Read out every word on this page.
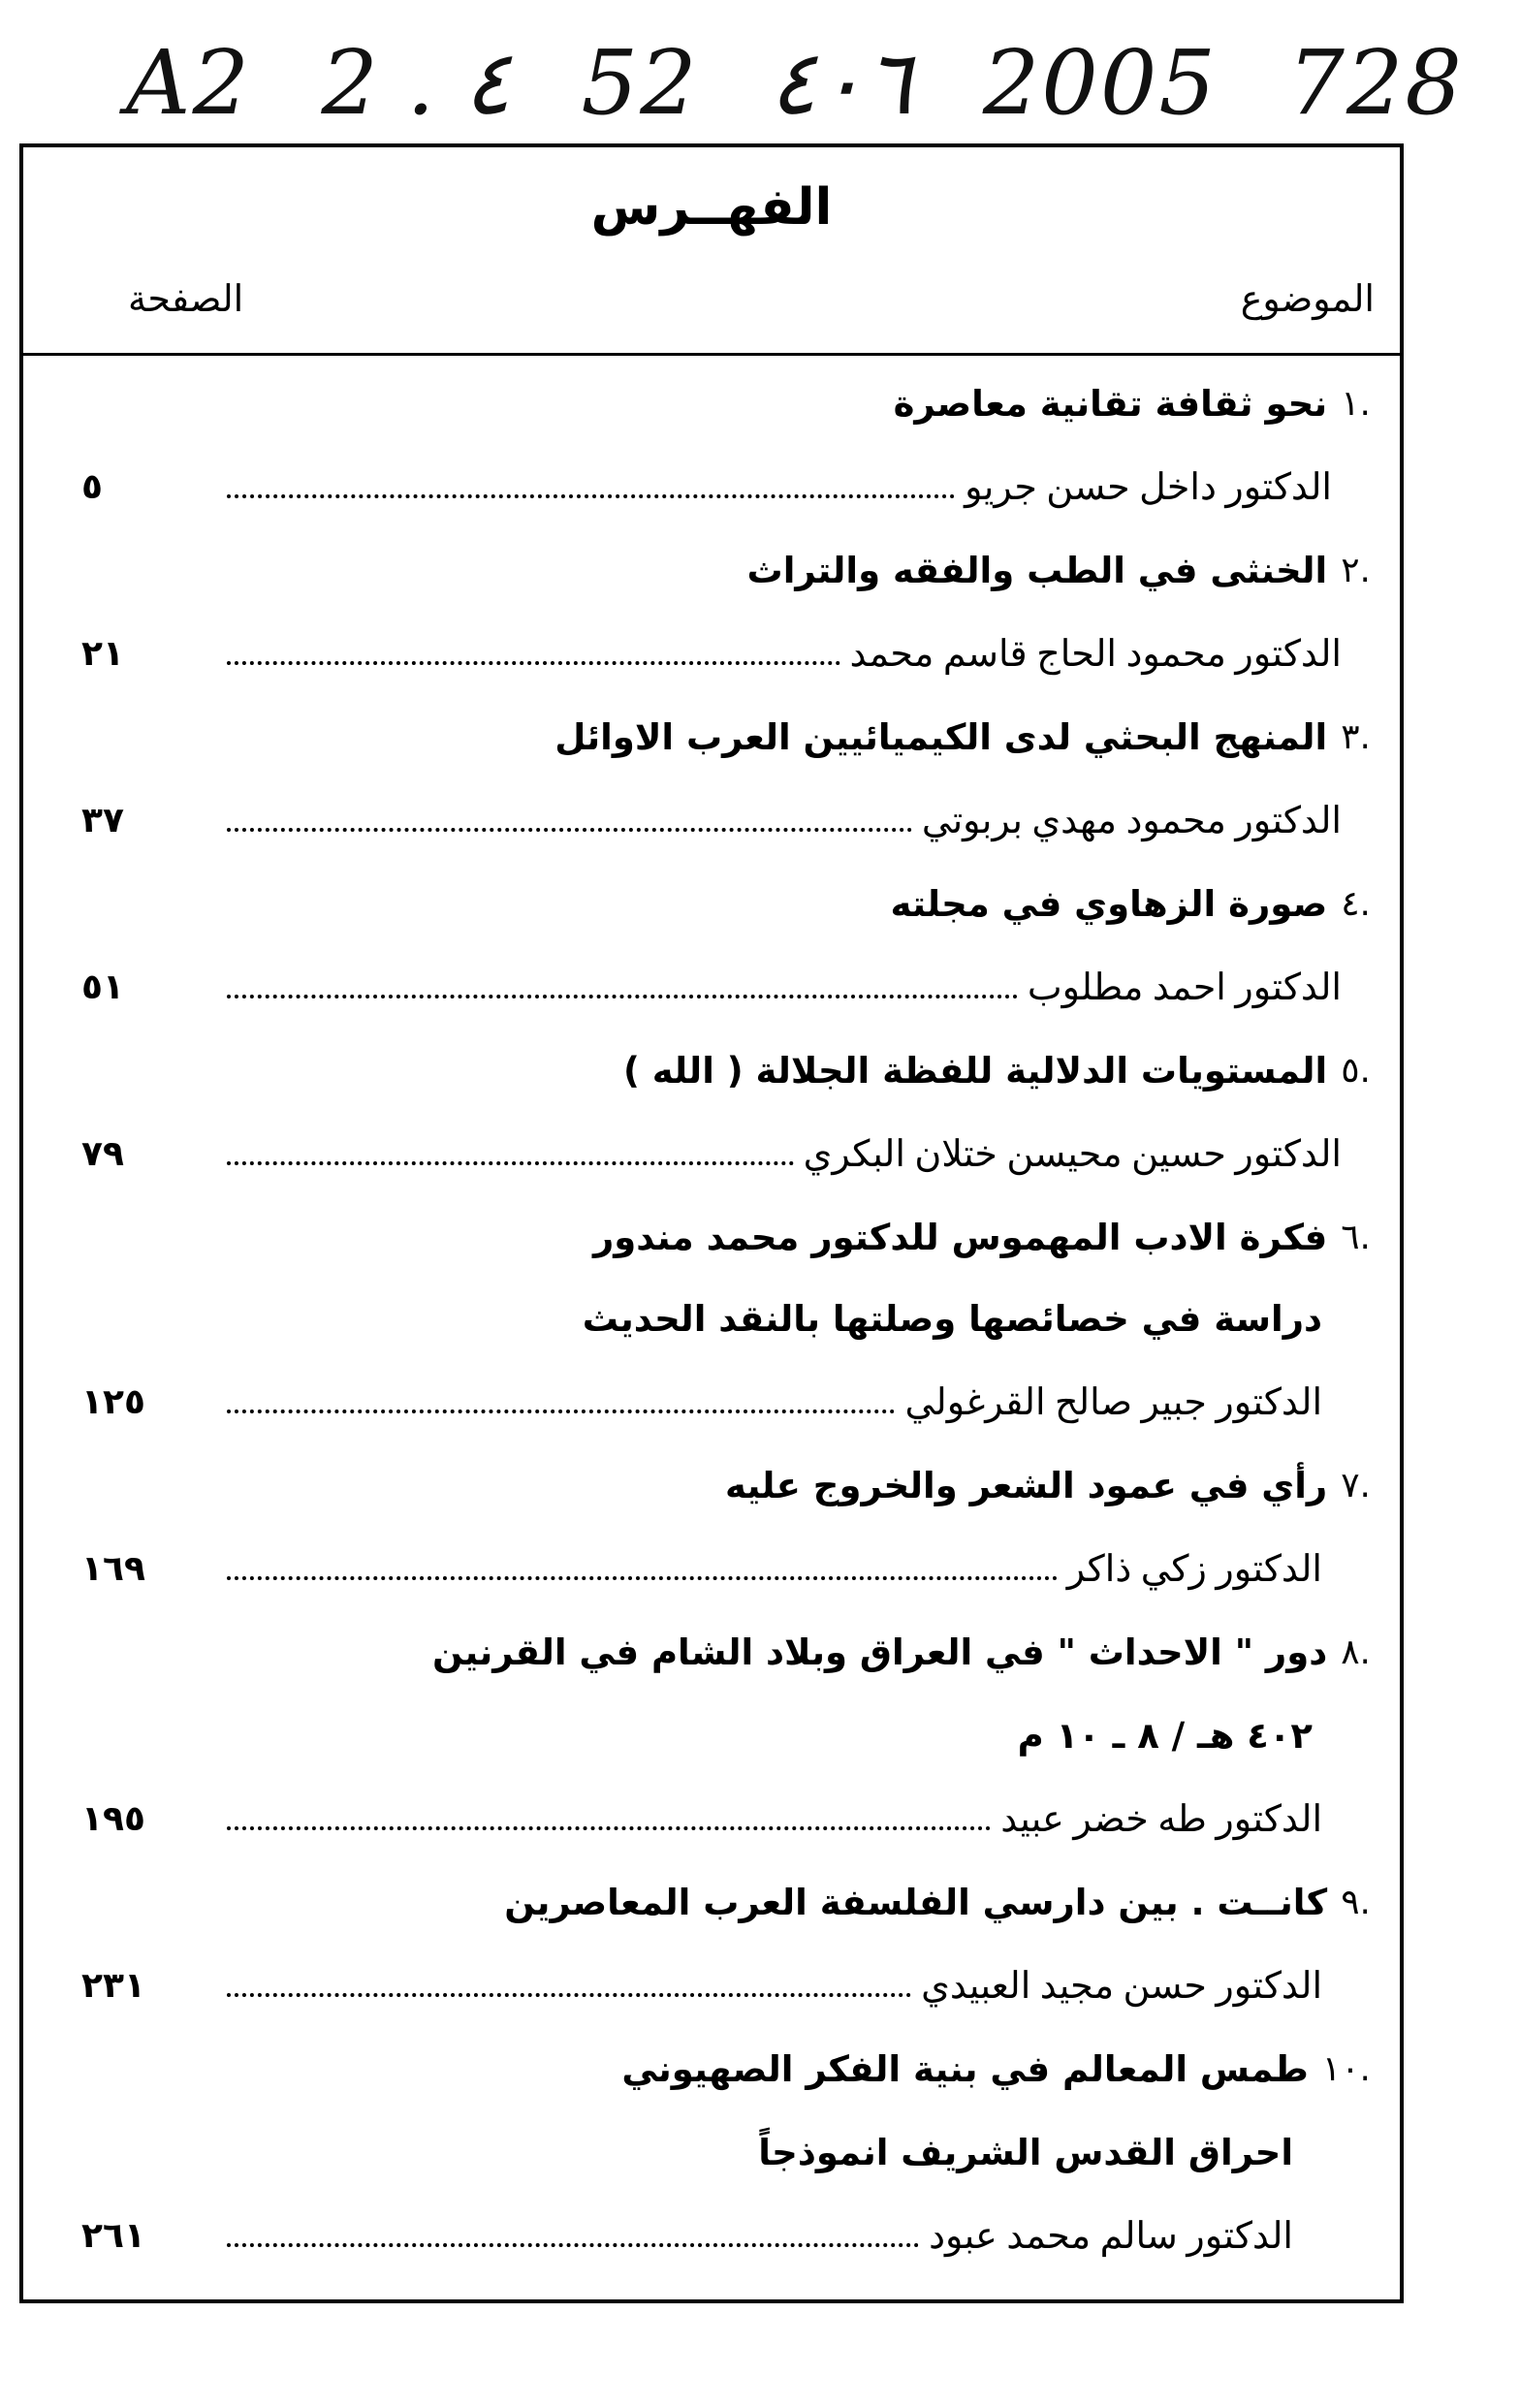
A2 2 . ٤ 52 ٤٠٦ 2005 728
الفهــرس
الموضوع
الصفحة
١.
نحو ثقافة تقانية معاصرة
الدكتور داخل حسن جريو
٥
٢.
الخنثى في الطب والفقه والتراث
الدكتور محمود الحاج قاسم محمد
٢١
٣.
المنهج البحثي لدى الكيميائيين العرب الاوائل
الدكتور محمود مهدي بربوتي
٣٧
٤.
صورة الزهاوي في مجلته
الدكتور احمد مطلوب
٥١
٥.
المستويات الدلالية للفظة الجلالة ( الله )
الدكتور حسين محيسن ختلان البكري
٧٩
٦.
فكرة الادب المهموس للدكتور محمد مندور
دراسة في خصائصها وصلتها بالنقد الحديث
الدكتور جبير صالح القرغولي
١٢٥
٧.
رأي في عمود الشعر والخروج عليه
الدكتور زكي ذاكر
١٦٩
٨.
دور " الاحداث " في العراق وبلاد الشام في القرنين
٤٠٢ هـ / ٨ ـ ١٠ م
الدكتور طه خضر عبيد
١٩٥
٩.
كانــت . بين دارسي الفلسفة العرب المعاصرين
الدكتور حسن مجيد العبيدي
٢٣١
١٠.
طمس المعالم في بنية الفكر الصهيوني
احراق القدس الشريف انموذجاً
الدكتور سالم محمد عبود
٢٦١
